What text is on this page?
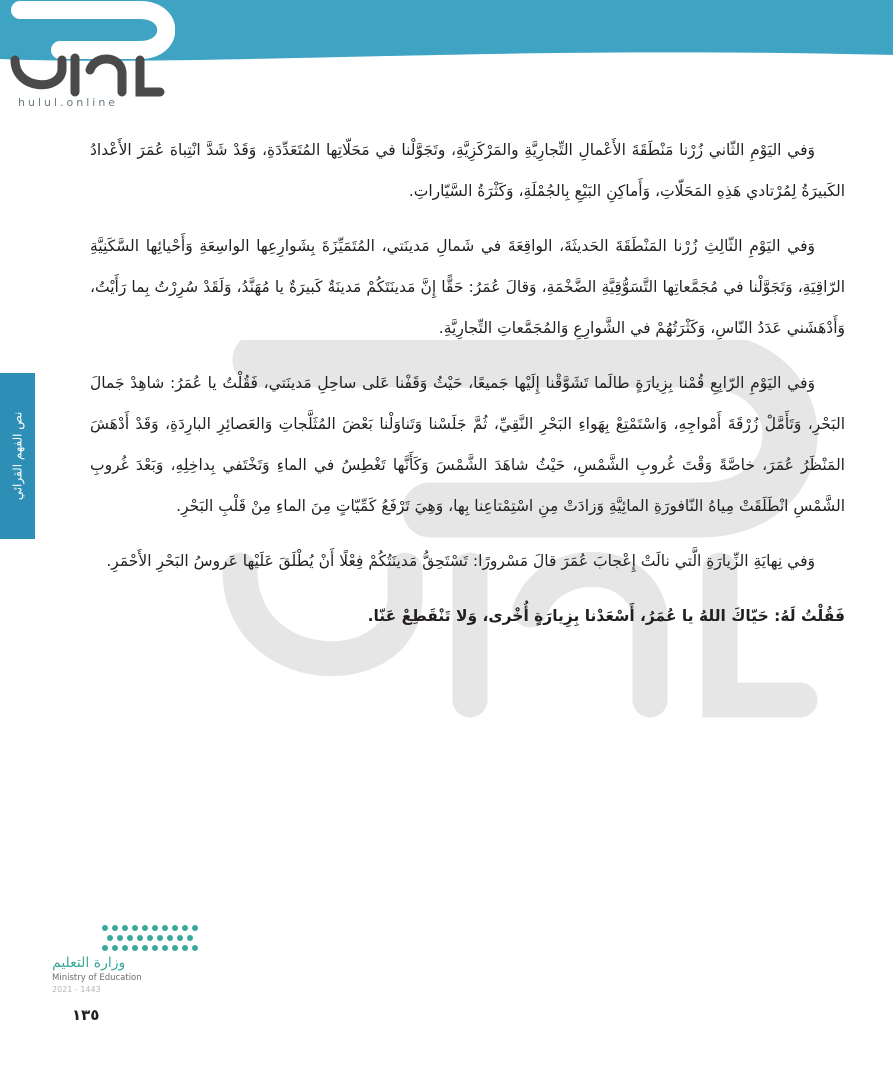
hulul.online
نص الفهم القرائي

وَفي اليَوْمِ الثّاني زُرْنا مَنْطَقَةَ الأَعْمالِ التِّجارِيَّةِ والمَرْكَزِيَّةِ، وتَجَوَّلْنا في مَحَلّاتِها المُتَعَدِّدَةِ، وَقَدْ شَدَّ انْتِباهَ عُمَرَ الأَعْدادُ الكَبيرَةُ لِمُرْتادي هَذِهِ المَحَلّاتِ، وَأَماكِنِ البَيْعِ بِالجُمْلَةِ، وَكَثْرَةُ السَّيّاراتِ.

وَفي اليَوْمِ الثّالِثِ زُرْنا المَنْطَقَةَ الحَديثَةَ، الواقِعَةَ في شَمالِ مَدينَتي، المُتَمَيِّزَةَ بِشَوارِعِها الواسِعَةِ وَأَحْيائِها السَّكَنِيَّةِ الرّاقِيَةِ، وَتَجَوَّلْنا في مُجَمَّعاتِها التَّسَوُّقِيَّةِ الضَّخْمَةِ، وَقالَ عُمَرُ: حَقًّا إِنَّ مَدينَتَكُمْ مَدينَةٌ كَبيرَةٌ يا مُهَنَّدُ، وَلَقَدْ سُرِرْتُ بِما رَأَيْتُ، وَأَدْهَشَني عَدَدُ النّاسِ، وَكَثْرَتُهُمْ في الشَّوارِعِ وَالمُجَمَّعاتِ التِّجارِيَّةِ.

وَفي اليَوْمِ الرّابِعِ قُمْنا بِزِيارَةٍ طالَما تَشَوَّقْنا إِلَيْها جَميعًا، حَيْثُ وَقَفْنا عَلى ساحِلِ مَدينَتي، فَقُلْتُ يا عُمَرُ: شاهِدْ جَمالَ البَحْرِ، وَتَأَمَّلْ زُرْقَةَ أَمْواجِهِ، وَاسْتَمْتِعْ بِهَواءِ البَحْرِ النَّقِيِّ، ثُمَّ جَلَسْنا وَتَناوَلْنا بَعْضَ المُثَلَّجاتِ وَالعَصائِرِ البارِدَةِ، وَقَدْ أَدْهَشَ المَنْظَرُ عُمَرَ، خاصَّةً وَقْتَ غُروبِ الشَّمْسِ، حَيْثُ شاهَدَ الشَّمْسَ وَكَأَنَّها تَغْطِسُ في الماءِ وَتَخْتَفي بِداخِلِهِ، وَبَعْدَ غُروبِ الشَّمْسِ انْطَلَقَتْ مِياهُ النّافورَةِ المائِيَّةِ وَزادَتْ مِنِ اسْتِمْتاعِنا بِها، وَهِيَ تَرْفَعُ كَمِّيّاتٍ مِنَ الماءِ مِنْ قَلْبِ البَحْرِ.

وَفي نِهايَةِ الزِّيارَةِ الَّتي نالَتْ إِعْجابَ عُمَرَ قالَ مَسْرورًا: تَسْتَحِقُّ مَدينَتُكُمْ فِعْلًا أَنْ يُطْلَقَ عَلَيْها عَروسُ البَحْرِ الأَحْمَرِ.

فَقُلْتُ لَهُ: حَيّاكَ اللهُ يا عُمَرُ، أَسْعَدْنا بِزِيارَةٍ أُخْرى، وَلا تَنْقَطِعْ عَنّا.

وزارة التعليم
Ministry of Education
2021 - 1443
١٣٥
